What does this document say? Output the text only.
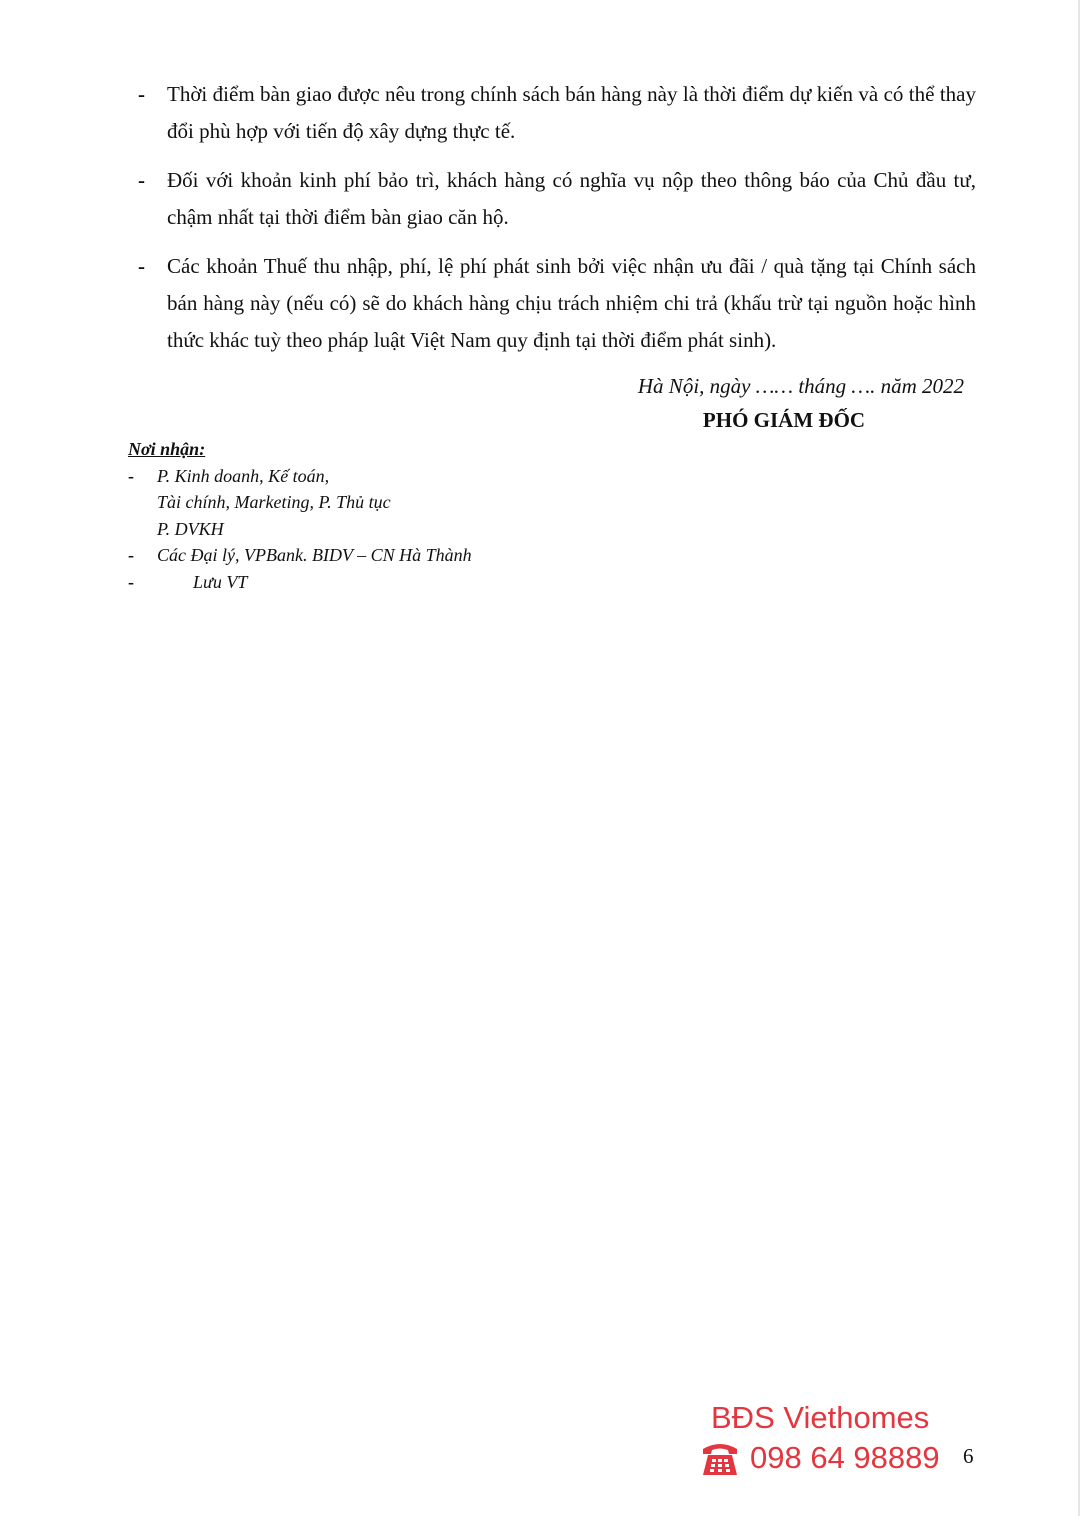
- Thời điểm bàn giao được nêu trong chính sách bán hàng này là thời điểm dự kiến và có thể thay đổi phù hợp với tiến độ xây dựng thực tế.
- Đối với khoản kinh phí bảo trì, khách hàng có nghĩa vụ nộp theo thông báo của Chủ đầu tư, chậm nhất tại thời điểm bàn giao căn hộ.
- Các khoản Thuế thu nhập, phí, lệ phí phát sinh bởi việc nhận ưu đãi / quà tặng tại Chính sách bán hàng này (nếu có) sẽ do khách hàng chịu trách nhiệm chi trả (khấu trừ tại nguồn hoặc hình thức khác tuỳ theo pháp luật Việt Nam quy định tại thời điểm phát sinh).
Hà Nội, ngày …… tháng …. năm 2022
PHÓ GIÁM ĐỐC
Nơi nhận:
- P. Kinh doanh, Kế toán,
Tài chính, Marketing, P. Thủ tục
P. DVKH
- Các Đại lý, VPBank. BIDV – CN Hà Thành
-	Lưu VT
BĐS Viethomes
098 64 98889 6
